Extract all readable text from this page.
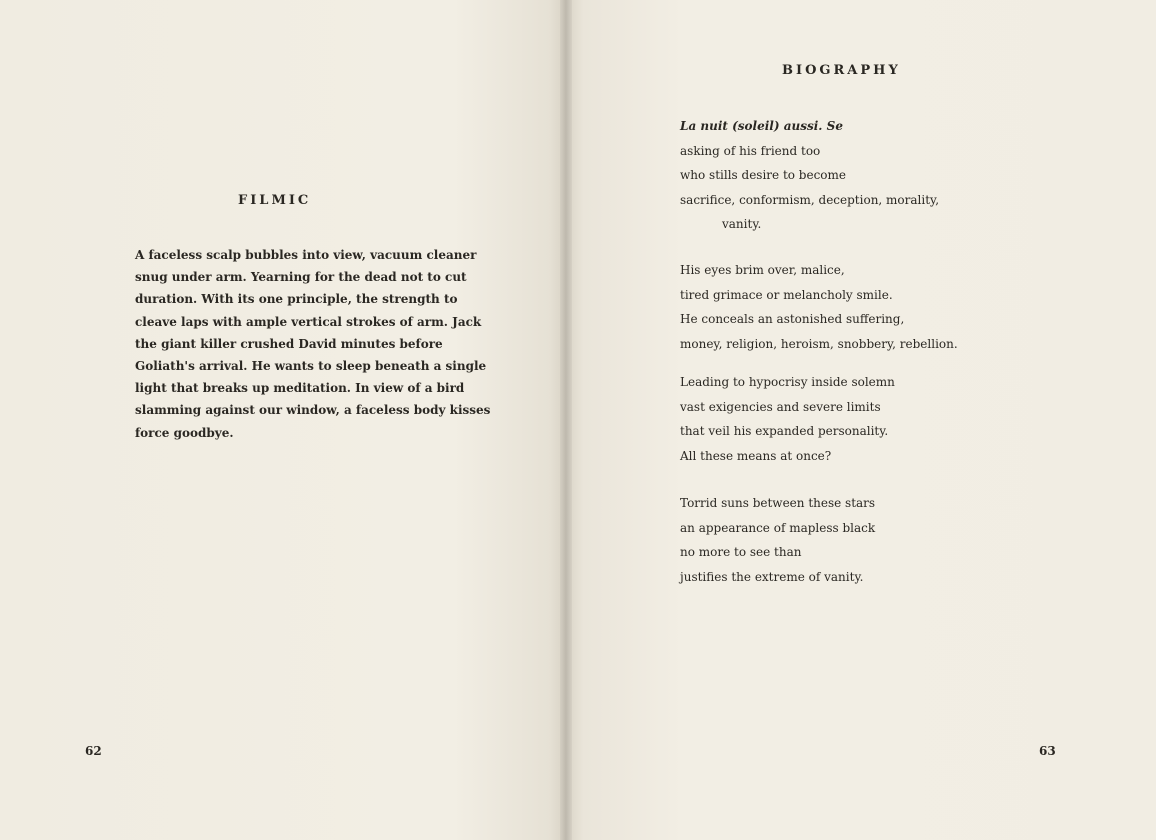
FILMIC
A faceless scalp bubbles into view, vacuum cleaner
snug under arm. Yearning for the dead not to cut
duration. With its one principle, the strength to
cleave laps with ample vertical strokes of arm. Jack
the giant killer crushed David minutes before
Goliath's arrival. He wants to sleep beneath a single
light that breaks up meditation. In view of a bird
slamming against our window, a faceless body kisses
force goodbye.
62
BIOGRAPHY
La nuit (soleil) aussi. Se
asking of his friend too
who stills desire to become
sacrifice, conformism, deception, morality,
vanity.
His eyes brim over, malice,
tired grimace or melancholy smile.
He conceals an astonished suffering,
money, religion, heroism, snobbery, rebellion.
Leading to hypocrisy inside solemn
vast exigencies and severe limits
that veil his expanded personality.
All these means at once?
Torrid suns between these stars
an appearance of mapless black
no more to see than
justifies the extreme of vanity.
63
